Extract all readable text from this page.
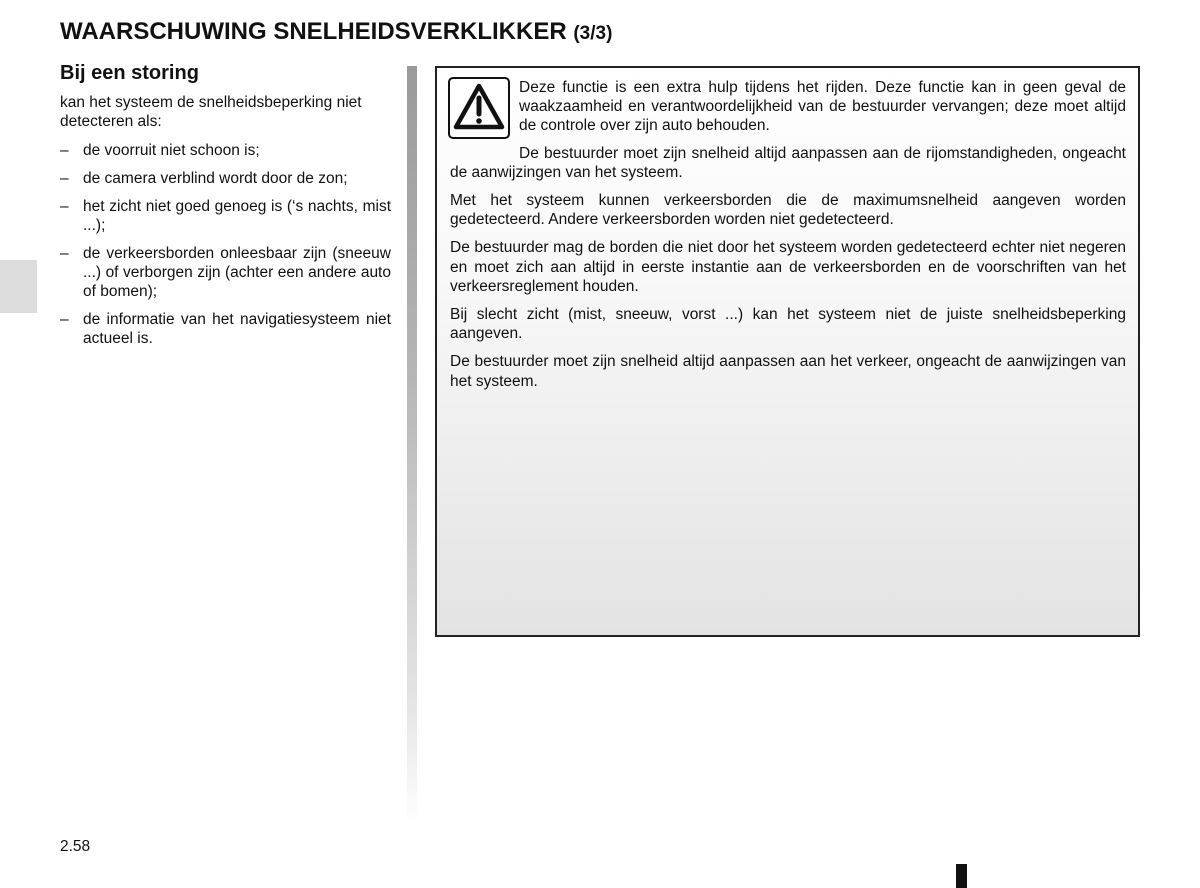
WAARSCHUWING SNELHEIDSVERKLIKKER (3/3)
Bij een storing

kan het systeem de snelheidsbeperking niet detecteren als:

– de voorruit niet schoon is;
– de camera verblind wordt door de zon;
– het zicht niet goed genoeg is (‘s nachts, mist ...);
– de verkeersborden onleesbaar zijn (sneeuw ...) of verborgen zijn (achter een andere auto of bomen);
– de informatie van het navigatiesysteem niet actueel is.

Deze functie is een extra hulp tijdens het rijden. Deze functie kan in geen geval de waakzaamheid en verantwoordelijkheid van de bestuurder vervangen; deze moet altijd de controle over zijn auto behouden.

De bestuurder moet zijn snelheid altijd aanpassen aan de rijomstandigheden, ongeacht de aanwijzingen van het systeem.

Met het systeem kunnen verkeersborden die de maximumsnelheid aangeven worden gedetecteerd. Andere verkeersborden worden niet gedetecteerd.

De bestuurder mag de borden die niet door het systeem worden gedetecteerd echter niet negeren en moet zich aan altijd in eerste instantie aan de verkeersborden en de voorschriften van het verkeersreglement houden.

Bij slecht zicht (mist, sneeuw, vorst ...) kan het systeem niet de juiste snelheidsbeperking aangeven.

De bestuurder moet zijn snelheid altijd aanpassen aan het verkeer, ongeacht de aanwijzingen van het systeem.

2.58
